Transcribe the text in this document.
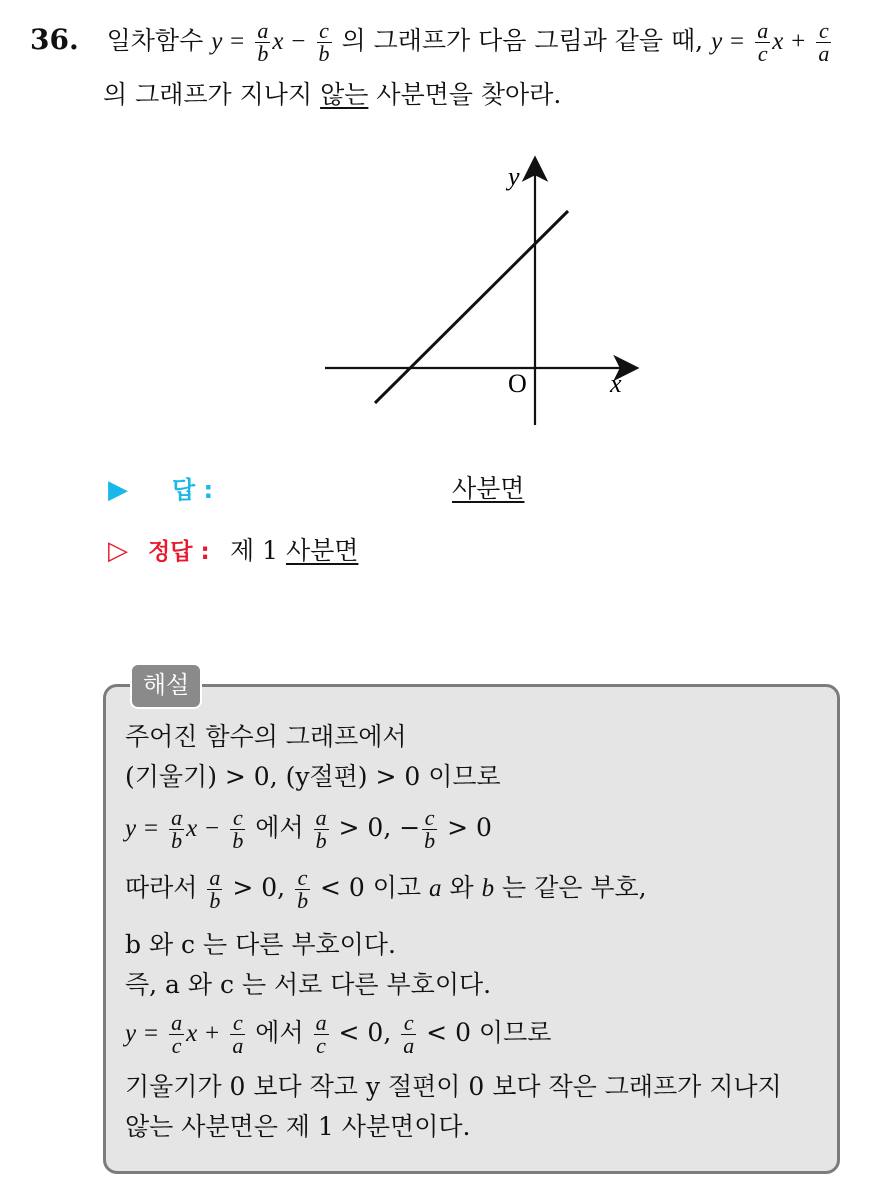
36. 일차함수 $y = \frac{a}{b}$ $x - \frac{c}{b}$ 의 그래프가 다음 그림과 같을 때, $y = \frac{a}{c}$ $x + \frac{c}{a}$
의 그래프가 지나지 않는 사분면을 찾아라.
y
x
O
▶ 답 :	사분면
▷ 정답 : 제 1 사분면
해설
주어진 함수의 그래프에서
(기울기) > 0, (y절편) > 0 이므로
$y = \frac{a}{b}$ $x - \frac{c}{b}$ 에서 $\frac{a}{b} > 0$, − $\frac{c}{b} > 0$
따라서 $\frac{a}{b} > 0$, $\frac{c}{b} < 0$ 이고 a 와 b 는 같은 부호,
b 와 c 는 다른 부호이다.
즉, a 와 c 는 서로 다른 부호이다.
$y = \frac{a}{c}$ $x + \frac{c}{a}$ 에서 $\frac{a}{c} < 0$, $\frac{c}{a} < 0$ 이므로
기울기가 0 보다 작고 y 절편이 0 보다 작은 그래프가 지나지
않는 사분면은 제 1 사분면이다.
